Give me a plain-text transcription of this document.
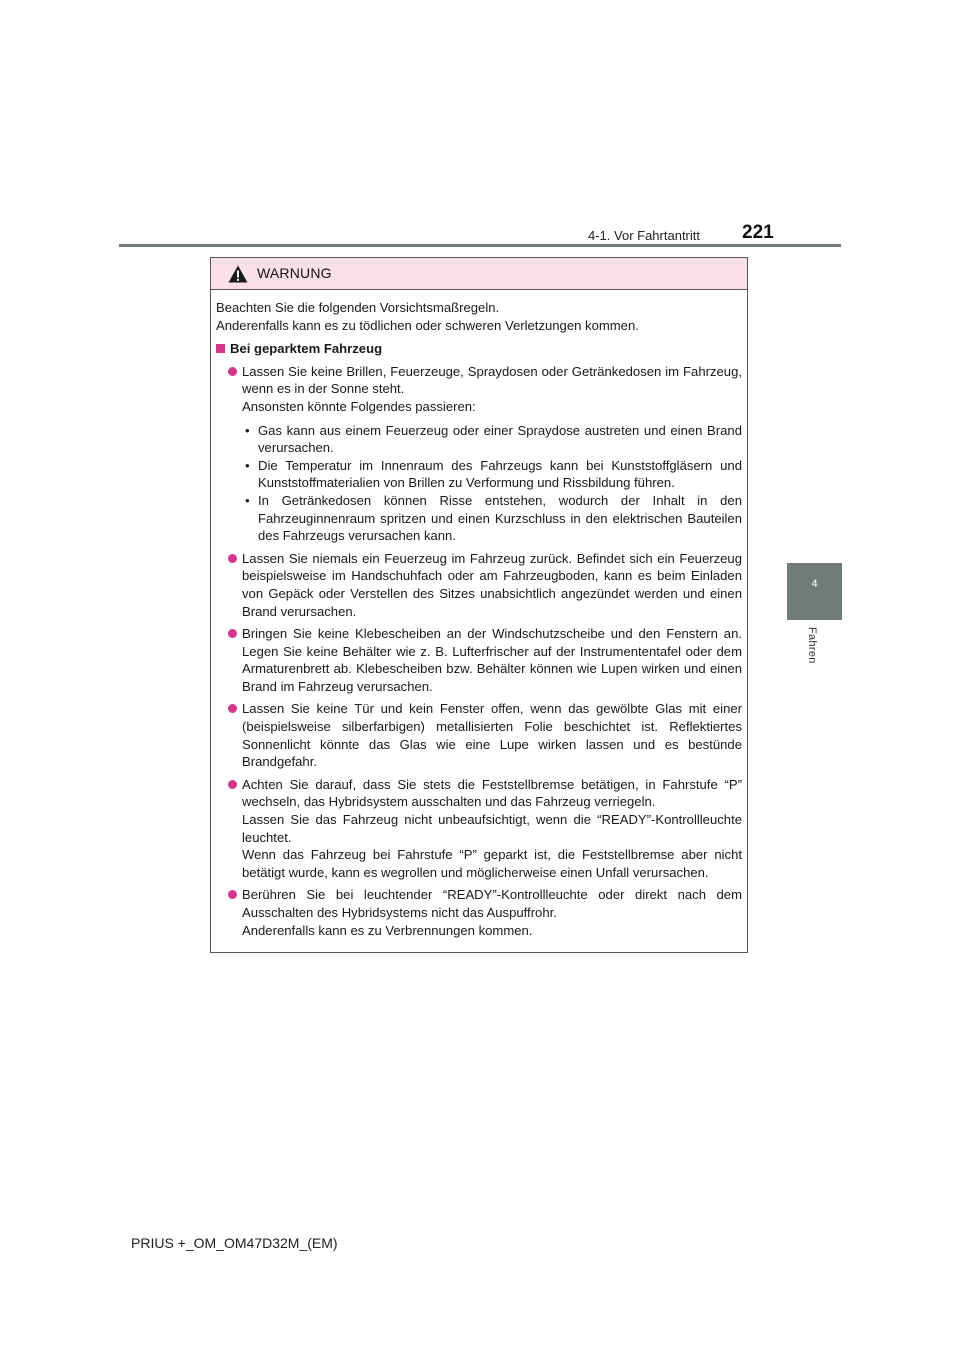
4-1. Vor Fahrtantritt 221
4
Fahren
WARNUNG

Beachten Sie die folgenden Vorsichtsmaßregeln.

Anderenfalls kann es zu tödlichen oder schweren Verletzungen kommen.

Bei geparktem Fahrzeug

Lassen Sie keine Brillen, Feuerzeuge, Spraydosen oder Getränkedosen im Fahrzeug, wenn es in der Sonne steht.

Ansonsten könnte Folgendes passieren:

• Gas kann aus einem Feuerzeug oder einer Spraydose austreten und einen Brand verursachen.
• Die Temperatur im Innenraum des Fahrzeugs kann bei Kunststoffgläsern und Kunststoffmaterialien von Brillen zu Verformung und Rissbildung führen.
• In Getränkedosen können Risse entstehen, wodurch der Inhalt in den Fahrzeuginnenraum spritzen und einen Kurzschluss in den elektrischen Bauteilen des Fahrzeugs verursachen kann.

Lassen Sie niemals ein Feuerzeug im Fahrzeug zurück. Befindet sich ein Feuerzeug beispielsweise im Handschuhfach oder am Fahrzeugboden, kann es beim Einladen von Gepäck oder Verstellen des Sitzes unabsichtlich angezündet werden und einen Brand verursachen.

Bringen Sie keine Klebescheiben an der Windschutzscheibe und den Fenstern an. Legen Sie keine Behälter wie z. B. Lufterfrischer auf der Instrumententafel oder dem Armaturenbrett ab. Klebescheiben bzw. Behälter können wie Lupen wirken und einen Brand im Fahrzeug verursachen.

Lassen Sie keine Tür und kein Fenster offen, wenn das gewölbte Glas mit einer (beispielsweise silberfarbigen) metallisierten Folie beschichtet ist. Reflektiertes Sonnenlicht könnte das Glas wie eine Lupe wirken lassen und es bestünde Brandgefahr.

Achten Sie darauf, dass Sie stets die Feststellbremse betätigen, in Fahrstufe “P” wechseln, das Hybridsystem ausschalten und das Fahrzeug verriegeln.

Lassen Sie das Fahrzeug nicht unbeaufsichtigt, wenn die “READY”-Kontrollleuchte leuchtet.

Wenn das Fahrzeug bei Fahrstufe “P” geparkt ist, die Feststellbremse aber nicht betätigt wurde, kann es wegrollen und möglicherweise einen Unfall verursachen.

Berühren Sie bei leuchtender “READY”-Kontrollleuchte oder direkt nach dem Ausschalten des Hybridsystems nicht das Auspuffrohr.

Anderenfalls kann es zu Verbrennungen kommen.

PRIUS +_OM_OM47D32M_(EM)
